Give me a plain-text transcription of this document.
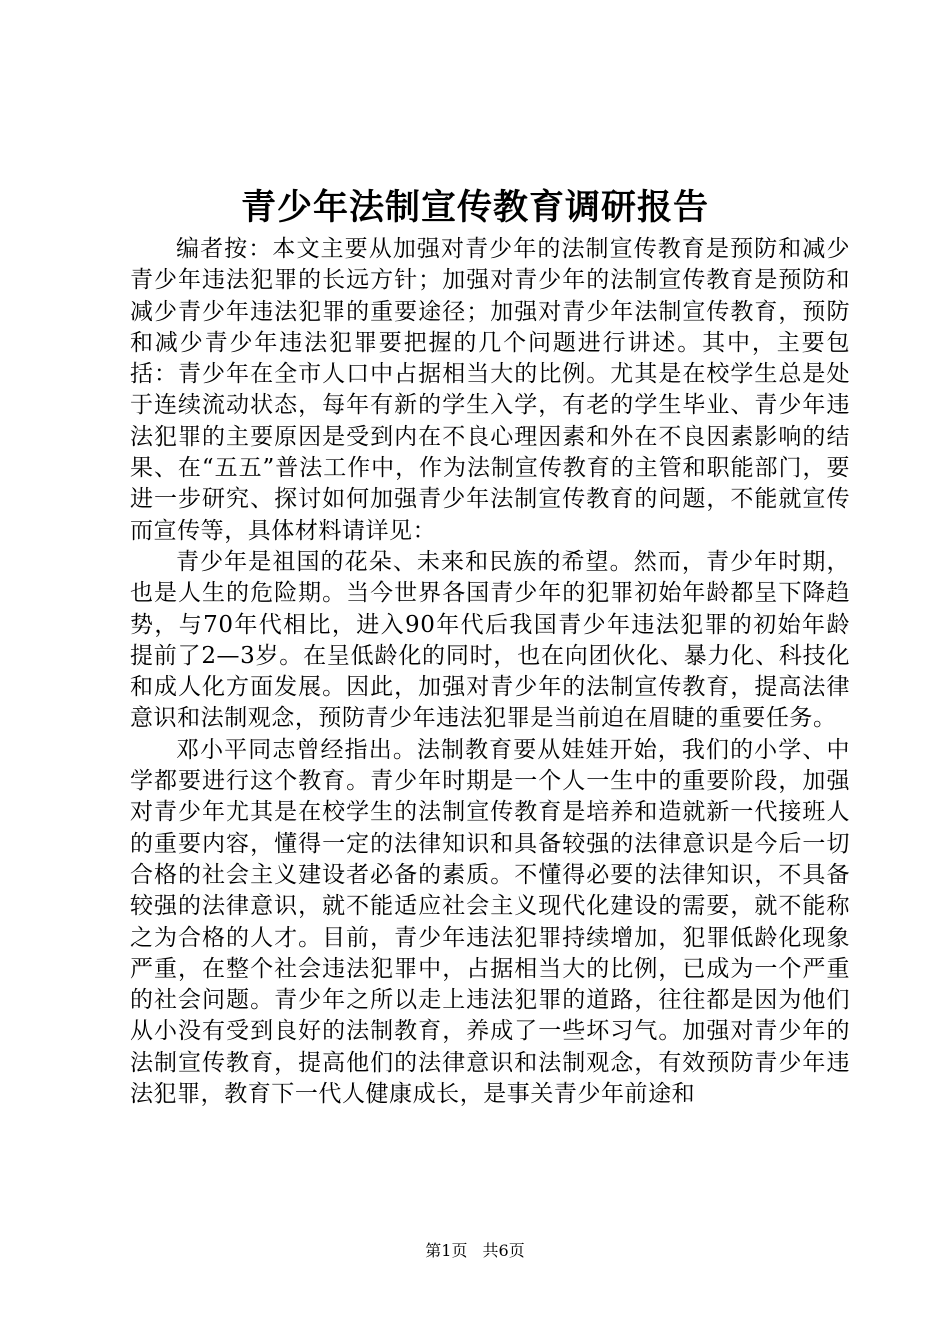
青少年法制宣传教育调研报告

编者按：本文主要从加强对青少年的法制宣传教育是预防和减少青少年违法犯罪的长远方针；加强对青少年的法制宣传教育是预防和减少青少年违法犯罪的重要途径；加强对青少年法制宣传教育，预防和减少青少年违法犯罪要把握的几个问题进行讲述。其中，主要包括：青少年在全市人口中占据相当大的比例。尤其是在校学生总是处于连续流动状态，每年有新的学生入学，有老的学生毕业、青少年违法犯罪的主要原因是受到内在不良心理因素和外在不良因素影响的结果、在“五五”普法工作中，作为法制宣传教育的主管和职能部门，要进一步研究、探讨如何加强青少年法制宣传教育的问题，不能就宣传而宣传等，具体材料请详见：

青少年是祖国的花朵、未来和民族的希望。然而，青少年时期，也是人生的危险期。当今世界各国青少年的犯罪初始年龄都呈下降趋势，与70年代相比，进入90年代后我国青少年违法犯罪的初始年龄提前了2—3岁。在呈低龄化的同时，也在向团伙化、暴力化、科技化和成人化方面发展。因此，加强对青少年的法制宣传教育，提高法律意识和法制观念，预防青少年违法犯罪是当前迫在眉睫的重要任务。

邓小平同志曾经指出。法制教育要从娃娃开始，我们的小学、中学都要进行这个教育。青少年时期是一个人一生中的重要阶段，加强对青少年尤其是在校学生的法制宣传教育是培养和造就新一代接班人的重要内容，懂得一定的法律知识和具备较强的法律意识是今后一切合格的社会主义建设者必备的素质。不懂得必要的法律知识，不具备较强的法律意识，就不能适应社会主义现代化建设的需要，就不能称之为合格的人才。目前，青少年违法犯罪持续增加，犯罪低龄化现象严重，在整个社会违法犯罪中，占据相当大的比例，已成为一个严重的社会问题。青少年之所以走上违法犯罪的道路，往往都是因为他们从小没有受到良好的法制教育，养成了一些坏习气。加强对青少年的法制宣传教育，提高他们的法律意识和法制观念，有效预防青少年违法犯罪，教育下一代人健康成长，是事关青少年前途和

第1页 共6页
